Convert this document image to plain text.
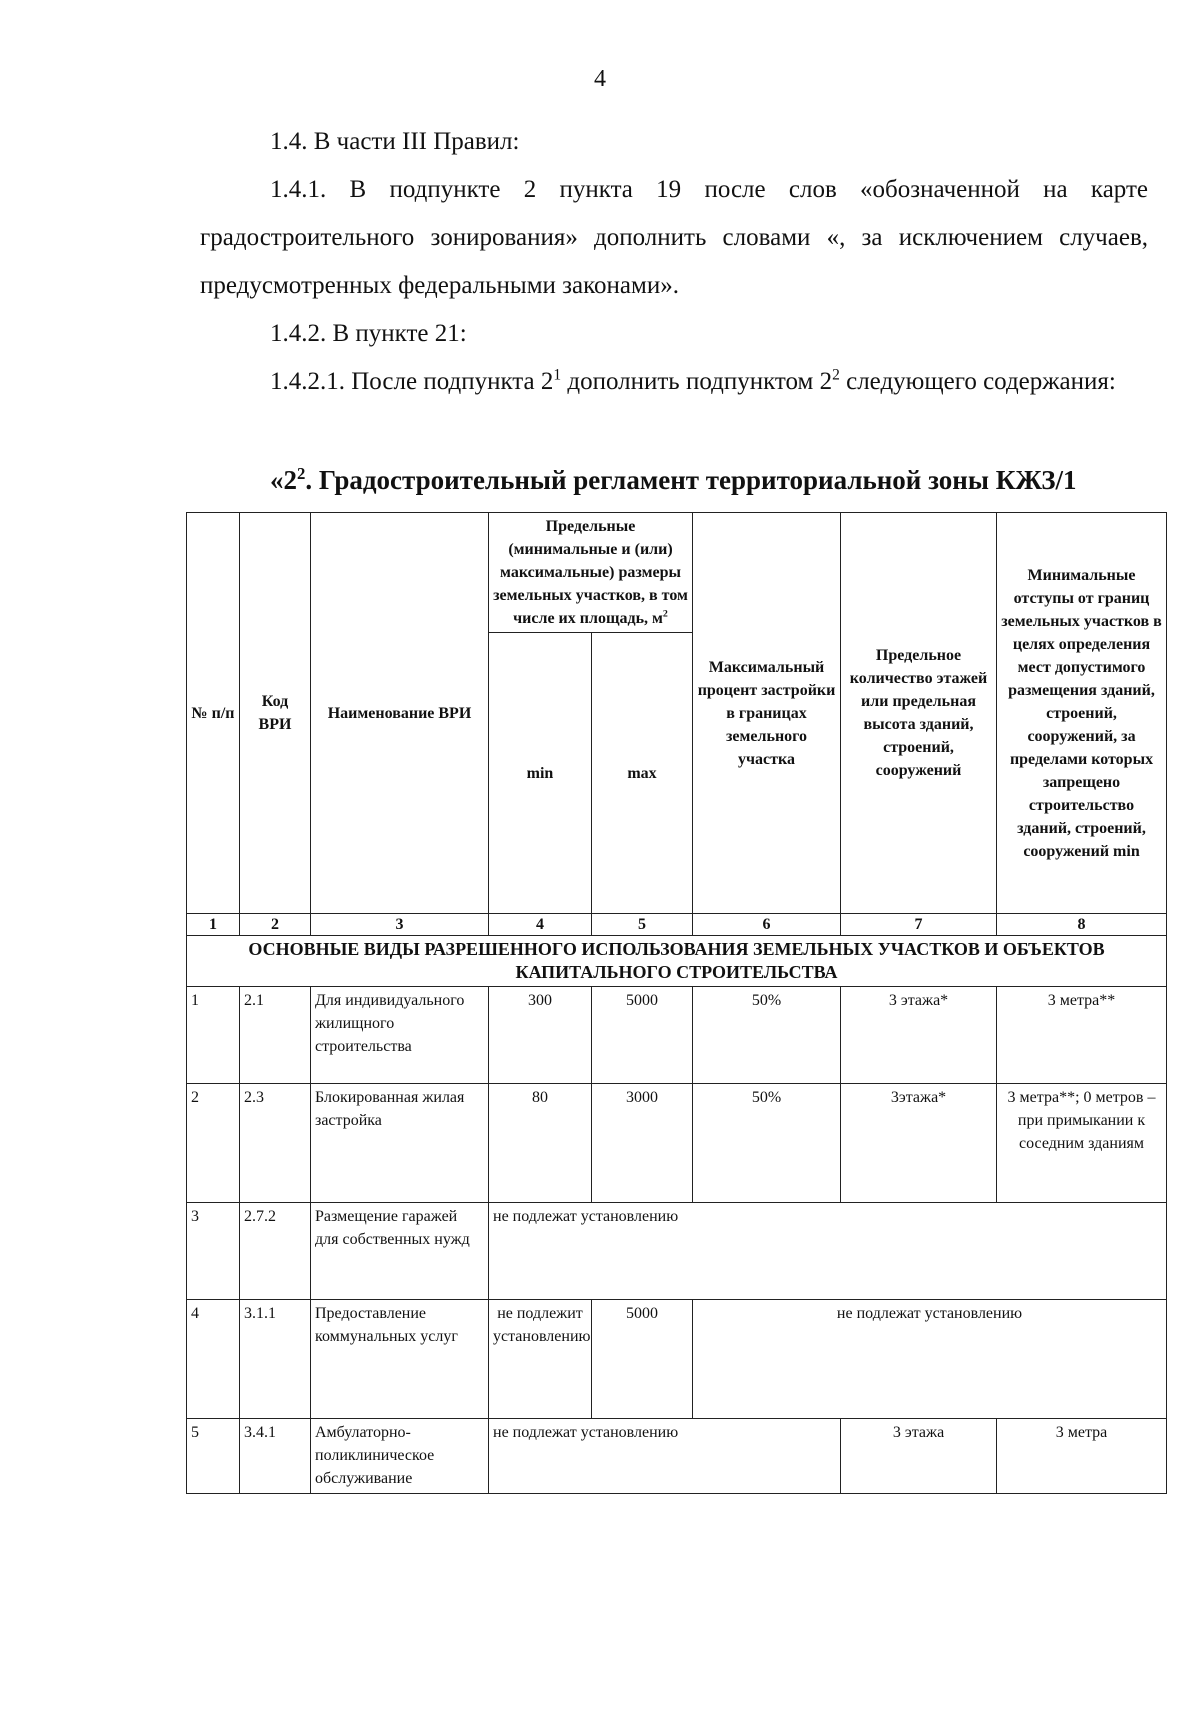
4
1.4. В части III Правил:
1.4.1. В подпункте 2 пункта 19 после слов «обозначенной на карте градостроительного зонирования» дополнить словами «, за исключением случаев, предусмотренных федеральными законами».
1.4.2. В пункте 21:
1.4.2.1. После подпункта $2^1$ дополнить подпунктом $2^2$ следующего содержания:
«$2^2$. Градостроительный регламент территориальной зоны КЖЗ/1
№ п/п	Код ВРИ	Наименование ВРИ	Предельные (минимальные и (или) максимальные) размеры земельных участков, в том числе их площадь, $м^2$		Максимальный процент застройки в границах земельного участка	Предельное количество этажей или предельная высота зданий, строений, сооружений	Минимальные отступы от границ земельных участков в целях определения мест допустимого размещения зданий, строений, сооружений, за пределами которых запрещено строительство зданий, строений, сооружений min
			min	max			
1	2	3	4	5	6	7	8
ОСНОВНЫЕ ВИДЫ РАЗРЕШЕННОГО ИСПОЛЬЗОВАНИЯ ЗЕМЕЛЬНЫХ УЧАСТКОВ И ОБЪЕКТОВ КАПИТАЛЬНОГО СТРОИТЕЛЬСТВА							
1	2.1	Для индивидуального жилищного строительства	300	5000	50%	3 этажа*	3 метра**
2	2.3	Блокированная жилая застройка	80	3000	50%	3этажа*	3 метра**; 0 метров – при примыкании к соседним зданиям
3	2.7.2	Размещение гаражей для собственных нужд	не подлежат установлению				
4	3.1.1	Предоставление коммунальных услуг	не подлежит установлению	5000	не подлежат установлению		
5	3.4.1	Амбулаторно-поликлиническое обслуживание	не подлежат установлению			3 этажа	3 метра
